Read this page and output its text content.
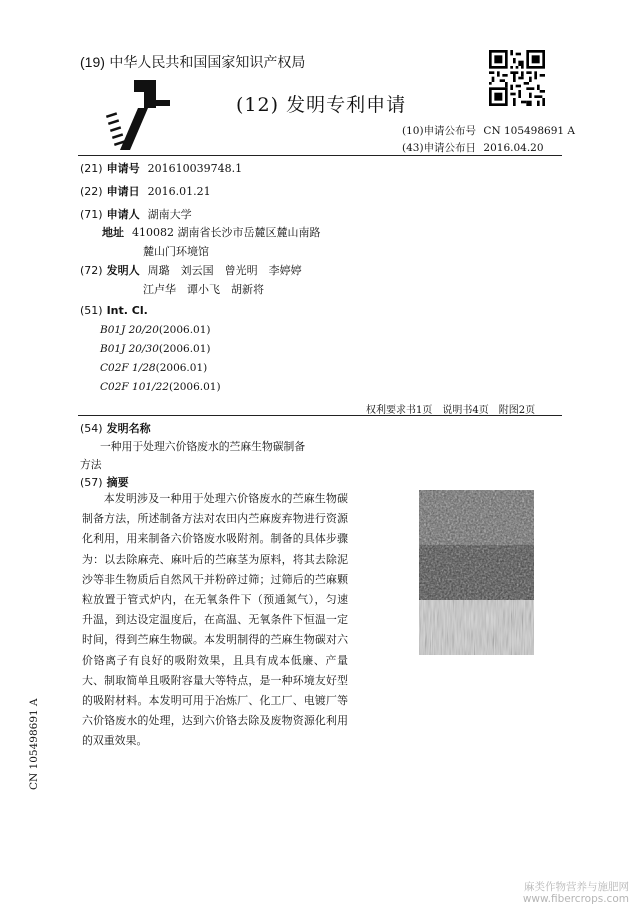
(19) 中华人民共和国国家知识产权局
(12) 发明专利申请
(10)申请公布号 CN 105498691 A
(43)申请公布日 2016.04.20
(21) 申请号 201610039748.1
(22) 申请日 2016.01.21
(71) 申请人 湖南大学
地址 410082 湖南省长沙市岳麓区麓山南路
麓山门环境馆
(72) 发明人 周璐　刘云国　曾光明　李婷婷
江卢华　谭小飞　胡新将
(51) Int. Cl.
B01J 20/20(2006.01)
B01J 20/30(2006.01)
C02F 1/28(2006.01)
C02F 101/22(2006.01)
权利要求书1页　说明书4页　附图2页
(54) 发明名称
一种用于处理六价铬废水的苎麻生物碳制备
方法
(57) 摘要

本发明涉及一种用于处理六价铬废水的苎麻生物碳制备方法，所述制备方法对农田内苎麻废弃物进行资源化利用，用来制备六价铬废水吸附剂。制备的具体步骤为：以去除麻壳、麻叶后的苎麻茎为原料，将其去除泥沙等非生物质后自然风干并粉碎过筛；过筛后的苎麻颗粒放置于管式炉内，在无氧条件下（预通氮气），匀速升温，到达设定温度后，在高温、无氧条件下恒温一定时间，得到苎麻生物碳。本发明制得的苎麻生物碳对六价铬离子有良好的吸附效果，且具有成本低廉、产量大、制取简单且吸附容量大等特点，是一种环境友好型的吸附材料。本发明可用于冶炼厂、化工厂、电镀厂等六价铬废水的处理，达到六价铬去除及废物资源化利用的双重效果。

CN 105498691 A
麻类作物营养与施肥网
www.fibercrops.com
